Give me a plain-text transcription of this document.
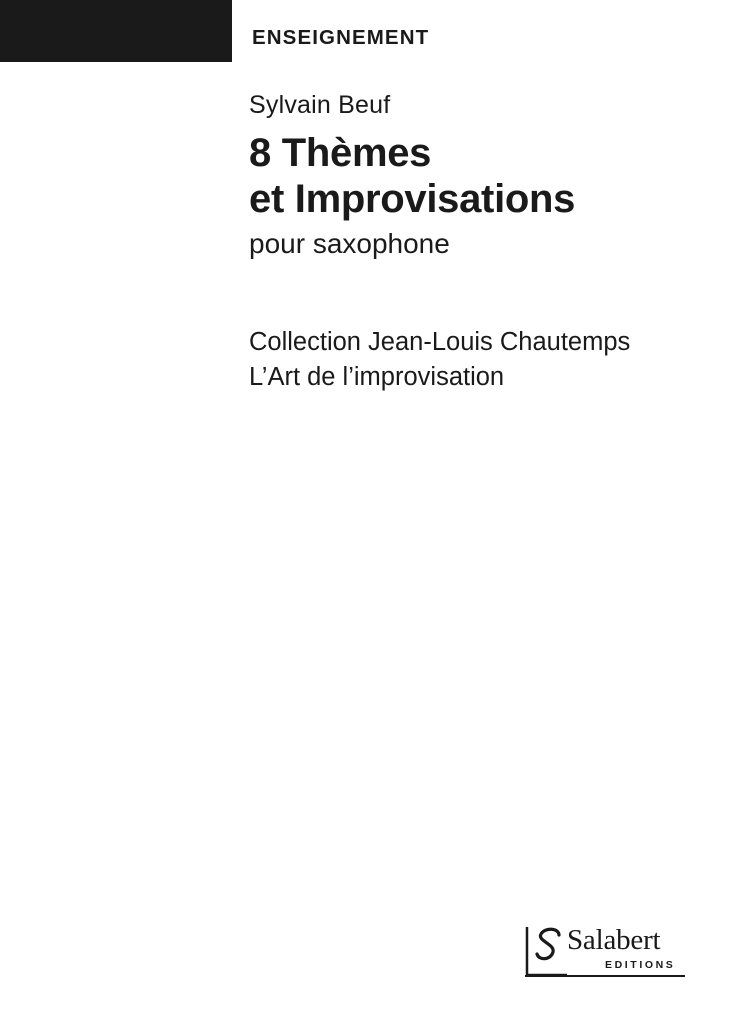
ENSEIGNEMENT

Sylvain Beuf

8 Thèmes
et Improvisations

pour saxophone

Collection Jean-Louis Chautemps
L’Art de l’improvisation
Salabert
EDITIONS
